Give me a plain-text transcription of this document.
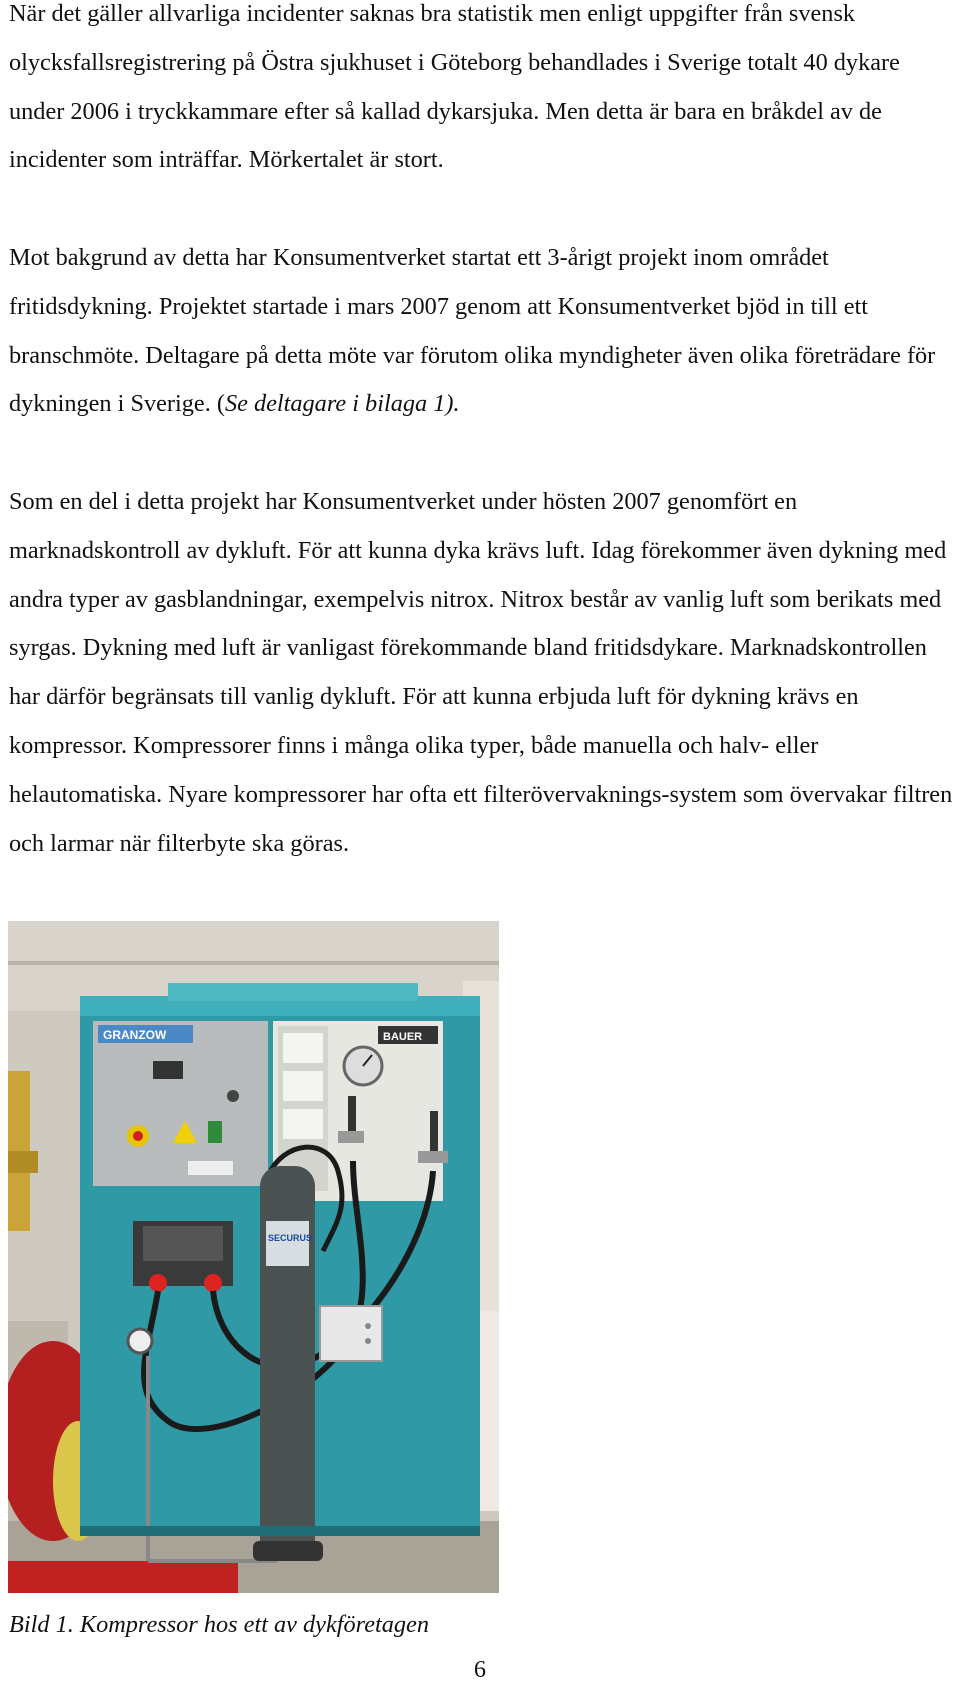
När det gäller allvarliga incidenter saknas bra statistik men enligt uppgifter från svensk olycksfallsregistrering på Östra sjukhuset i Göteborg behandlades i Sverige totalt 40 dykare under 2006 i tryckkammare efter så kallad dykarsjuka. Men detta är bara en bråkdel av de incidenter som inträffar. Mörkertalet är stort.

Mot bakgrund av detta har Konsumentverket startat ett 3-årigt projekt inom området fritidsdykning. Projektet startade i mars 2007 genom att Konsumentverket bjöd in till ett branschmöte. Deltagare på detta möte var förutom olika myndigheter även olika företrädare för dykningen i Sverige. (Se deltagare i bilaga 1).

Som en del i detta projekt har Konsumentverket under hösten 2007 genomfört en marknadskontroll av dykluft. För att kunna dyka krävs luft. Idag förekommer även dykning med andra typer av gasblandningar, exempelvis nitrox. Nitrox består av vanlig luft som berikats med syrgas. Dykning med luft är vanligast förekommande bland fritidsdykare. Marknadskontrollen har därför begränsats till vanlig dykluft. För att kunna erbjuda luft för dykning krävs en kompressor. Kompressorer finns i många olika typer, både manuella och halv- eller helautomatiska. Nyare kompressorer har ofta ett filterövervaknings-system som övervakar filtren och larmar när filterbyte ska göras.

GRANZOW	BAUER
SECURUS

Bild 1. Kompressor hos ett av dykföretagen

6
